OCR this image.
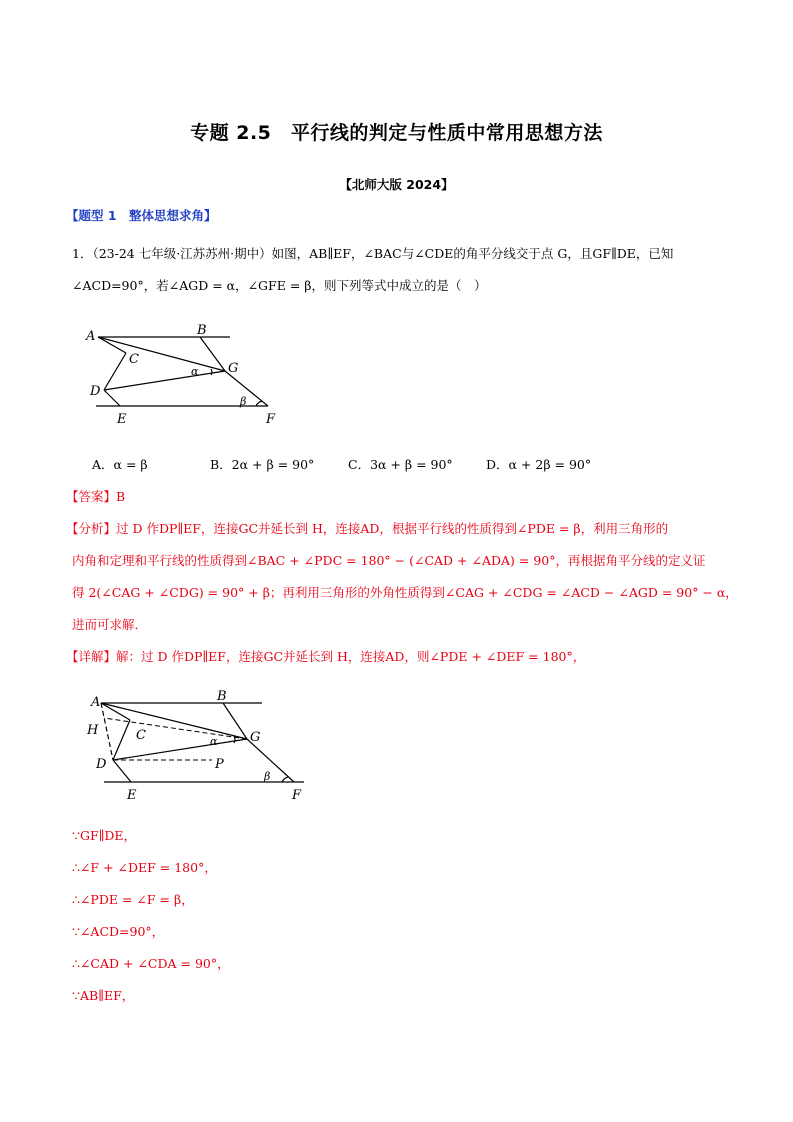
专题 2.5　平行线的判定与性质中常用思想方法
【北师大版 2024】
【题型 1　整体思想求角】
1．（23-24 七年级·江苏苏州·期中）如图，AB∥EF，∠BAC与∠CDE的角平分线交于点 G，且GF∥DE，已知
∠ACD=90°，若∠AGD = α，∠GFE = β，则下列等式中成立的是（　）
A	B
C
D
E	F
G
α
β
A．α = β	B．2α + β = 90°	C．3α + β = 90°	D．α + 2β = 90°
【答案】B
【分析】过 D 作DP∥EF，连接GC并延长到 H，连接AD，根据平行线的性质得到∠PDE = β，利用三角形的
内角和定理和平行线的性质得到∠BAC + ∠PDC = 180° − (∠CAD + ∠ADA) = 90°，再根据角平分线的定义证
得 2(∠CAG + ∠CDG) = 90° + β；再利用三角形的外角性质得到∠CAG + ∠CDG = ∠ACD − ∠AGD = 90° − α，
进而可求解．
【详解】解：过 D 作DP∥EF，连接GC并延长到 H，连接AD，则∠PDE + ∠DEF = 180°，
A	B
C
D
E	F
G
H
P
α
β
∵GF∥DE，
∴∠F + ∠DEF = 180°，
∴∠PDE = ∠F = β，
∵∠ACD=90°，
∴∠CAD + ∠CDA = 90°，
∵AB∥EF，
